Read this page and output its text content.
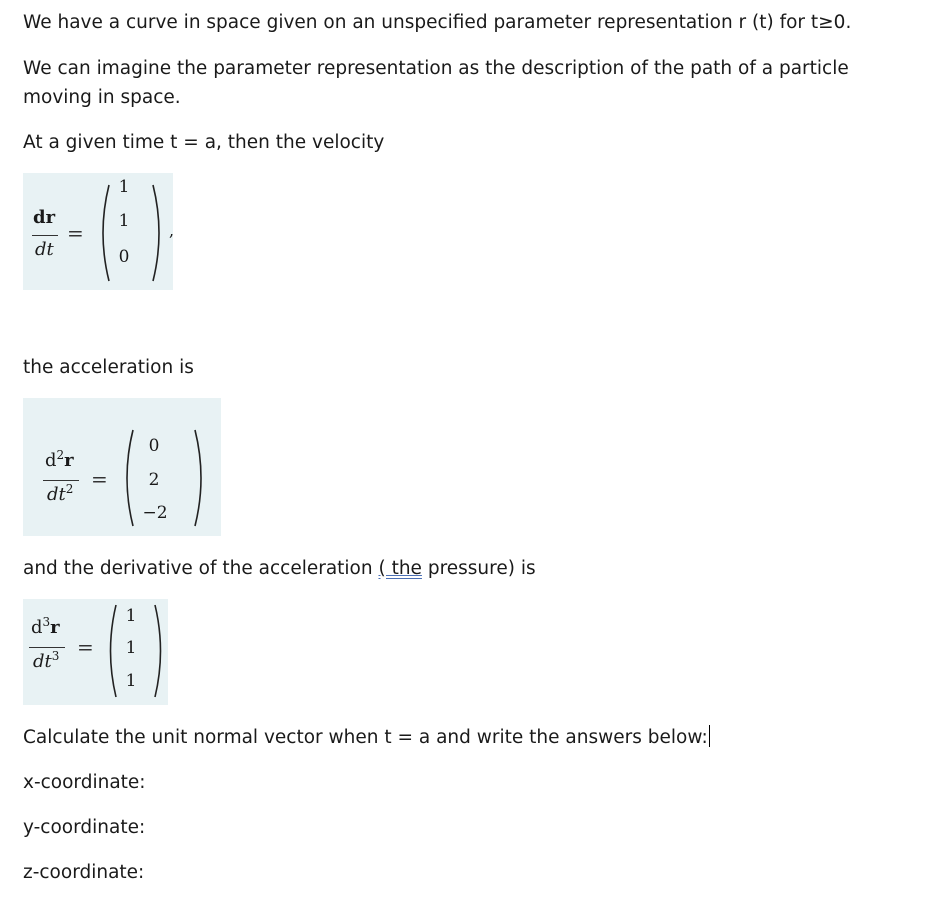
We have a curve in space given on an unspecified parameter representation r (t) for t≥0.

We can imagine the parameter representation as the description of the path of a particle moving in space.

At a given time t = a, then the velocity

dr
dt
=
1
1
0
,

the acceleration is

$d^2r$
$dt^2$ =
0
2
−2

and the derivative of the acceleration ( the pressure) is

$d^3r$
$dt^3$ =
1
1
1

Calculate the unit normal vector when t = a and write the answers below:

x-coordinate:

y-coordinate:

z-coordinate:
